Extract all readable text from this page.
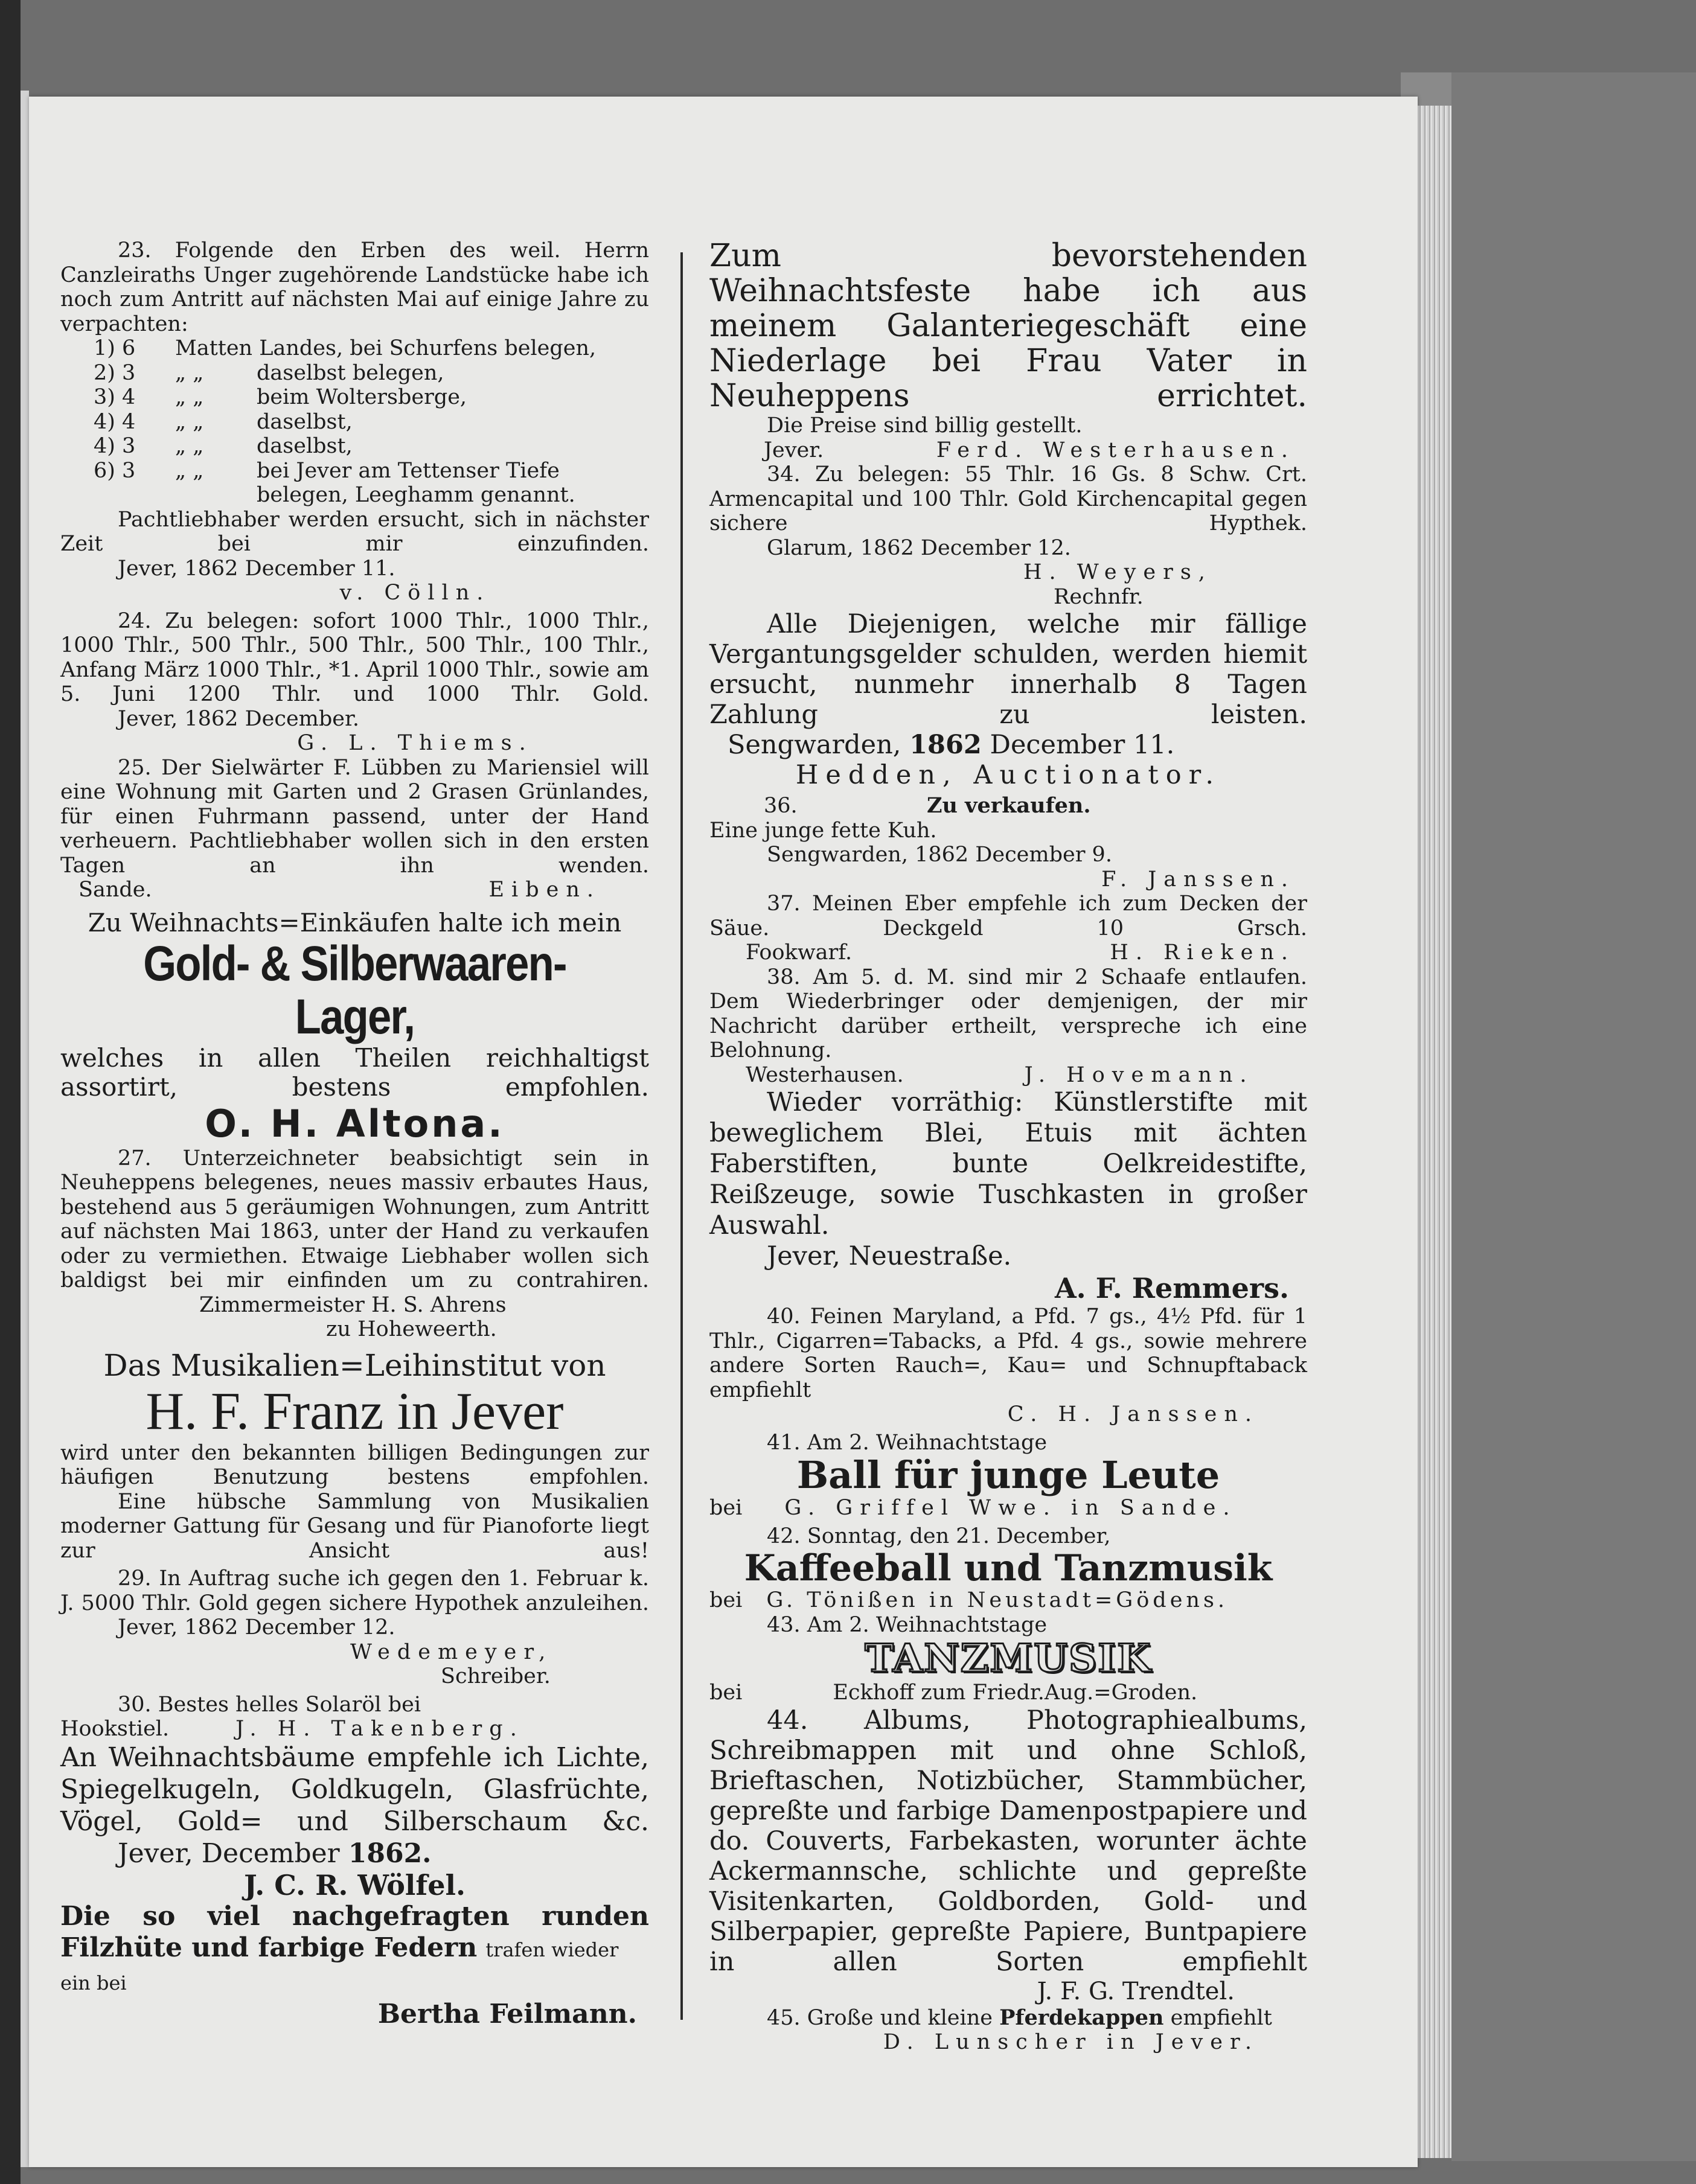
23. Folgende den Erben des weil. Herrn Canzleiraths Unger zugehörende Landstücke habe ich noch zum Antritt auf nächsten Mai auf einige Jahre zu verpachten:

1) 6	Matten Landes, bei Schurfens belegen,
2) 3	„ „	daselbst belegen,
3) 4	„ „	beim Woltersberge,
4) 4	„ „	daselbst,
4) 3	„ „	daselbst,
6) 3	„ „	bei Jever am Tettenser Tiefe
belegen, Leeghamm genannt.

Pachtliebhaber werden ersucht, sich in nächster Zeit bei mir einzufinden.

Jever, 1862 December 11.

v. Cölln.

24. Zu belegen: sofort 1000 Thlr., 1000 Thlr., 1000 Thlr., 500 Thlr., 500 Thlr., 500 Thlr., 100 Thlr., Anfang März 1000 Thlr., *1. April 1000 Thlr., sowie am 5. Juni 1200 Thlr. und 1000 Thlr. Gold.

Jever, 1862 December.

G. L. Thiems.

25. Der Sielwärter F. Lübben zu Mariensiel will eine Wohnung mit Garten und 2 Grasen Grünlandes, für einen Fuhrmann passend, unter der Hand verheuern. Pachtliebhaber wollen sich in den ersten Tagen an ihn wenden.

Sande.	Eiben.

Zu Weihnachts=Einkäufen halte ich mein

Gold- & Silberwaaren-Lager,

welches in allen Theilen reichhaltigst assortirt, bestens empfohlen.

O. H. Altona.

27. Unterzeichneter beabsichtigt sein in Neuheppens belegenes, neues massiv erbautes Haus, bestehend aus 5 geräumigen Wohnungen, zum Antritt auf nächsten Mai 1863, unter der Hand zu verkaufen oder zu vermiethen. Etwaige Liebhaber wollen sich baldigst bei mir einfinden um zu contrahiren.

Zimmermeister H. S. Ahrens

zu Hoheweerth.

Das Musikalien=Leihinstitut von

H. F. Franz in Jever

wird unter den bekannten billigen Bedingungen zur häufigen Benutzung bestens empfohlen.

Eine hübsche Sammlung von Musikalien moderner Gattung für Gesang und für Pianoforte liegt zur Ansicht aus!

29. In Auftrag suche ich gegen den 1. Februar k. J. 5000 Thlr. Gold gegen sichere Hypothek anzuleihen.

Jever, 1862 December 12.

Wedemeyer,

Schreiber.

30. Bestes helles Solaröl bei

Hookstiel.	J. H. Takenberg.

An Weihnachtsbäume empfehle ich Lichte, Spiegelkugeln, Goldkugeln, Glasfrüchte, Vögel, Gold= und Silberschaum &c.

Jever, December 1862.

J. C. R. Wölfel.

Die so viel nachgefragten runden

Filzhüte und farbige Federn trafen wieder ein bei

Bertha Feilmann.

Zum bevorstehenden Weihnachtsfeste habe ich aus meinem Galanteriegeschäft eine Niederlage bei Frau Vater in Neuheppens errichtet.

Die Preise sind billig gestellt.

Jever.	Ferd. Westerhausen.

34. Zu belegen: 55 Thlr. 16 Gs. 8 Schw. Crt. Armencapital und 100 Thlr. Gold Kirchencapital gegen sichere Hypthek.

Glarum, 1862 December 12.

H. Weyers,

Rechnfr.

Alle Diejenigen, welche mir fällige Vergantungsgelder schulden, werden hiemit ersucht, nunmehr innerhalb 8 Tagen Zahlung zu leisten.

Sengwarden, 1862 December 11.

Hedden, Auctionator.

36.	Zu verkaufen.

Eine junge fette Kuh.

Sengwarden, 1862 December 9.

F. Janssen.

37. Meinen Eber empfehle ich zum Decken der Säue. Deckgeld 10 Grsch.

Fookwarf.	H. Rieken.

38. Am 5. d. M. sind mir 2 Schaafe entlaufen. Dem Wiederbringer oder demjenigen, der mir Nachricht darüber ertheilt, verspreche ich eine Belohnung.

Westerhausen.	J. Hovemann.

Wieder vorräthig: Künstlerstifte mit beweglichem Blei, Etuis mit ächten Faberstiften, bunte Oelkreidestifte, Reißzeuge, sowie Tuschkasten in großer Auswahl.

Jever, Neuestraße.

A. F. Remmers.

40. Feinen Maryland, a Pfd. 7 gs., 4½ Pfd. für 1 Thlr., Cigarren=Tabacks, a Pfd. 4 gs., sowie mehrere andere Sorten Rauch=, Kau= und Schnupftaback empfiehlt

C. H. Janssen.

41. Am 2. Weihnachtstage

Ball für junge Leute

bei G. Griffel Wwe. in Sande.

42. Sonntag, den 21. December,

Kaffeeball und Tanzmusik

bei G. Tönißen in Neustadt=Gödens.

43. Am 2. Weihnachtstage

TANZMUSIK

bei	Eckhoff zum Friedr.Aug.=Groden.

44. Albums, Photographiealbums, Schreibmappen mit und ohne Schloß, Brieftaschen, Notizbücher, Stammbücher, gepreßte und farbige Damenpostpapiere und do. Couverts, Farbekasten, worunter ächte Ackermannsche, schlichte und gepreßte Visitenkarten, Goldborden, Gold- und Silberpapier, gepreßte Papiere, Buntpapiere in allen Sorten empfiehlt

J. F. G. Trendtel.

45. Große und kleine Pferdekappen empfiehlt

D. Lunscher in Jever.
